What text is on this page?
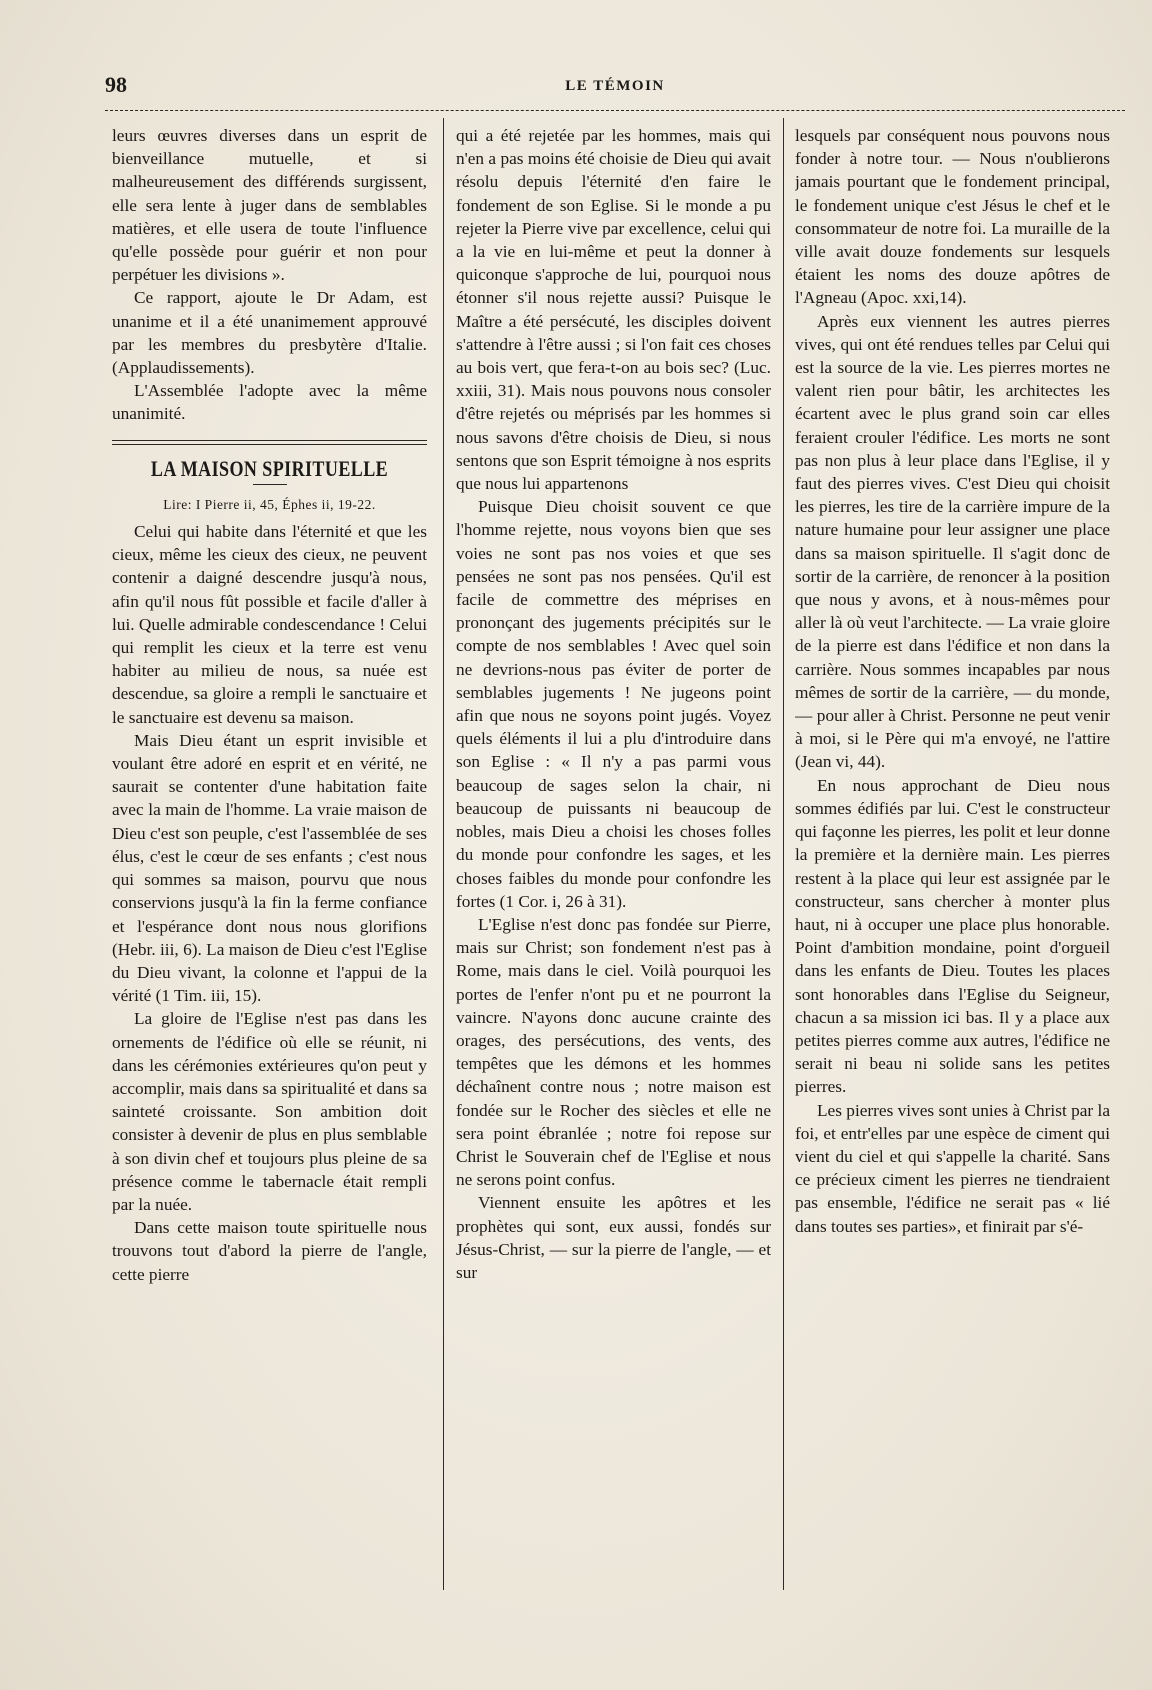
98	LE TÉMOIN

leurs œuvres diverses dans un esprit de bienveillance mutuelle, et si malheureusement des différends surgissent, elle sera lente à juger dans de semblables matières, et elle usera de toute l'influence qu'elle possède pour guérir et non pour perpétuer les divisions ».

Ce rapport, ajoute le Dr Adam, est unanime et il a été unanimement approuvé par les membres du presbytère d'Italie. (Applaudissements).

L'Assemblée l'adopte avec la même unanimité.

LA MAISON SPIRITUELLE
Lire: I Pierre ii, 45, Éphes ii, 19-22.

Celui qui habite dans l'éternité et que les cieux, même les cieux des cieux, ne peuvent contenir a daigné descendre jusqu'à nous, afin qu'il nous fût possible et facile d'aller à lui. Quelle admirable condescendance ! Celui qui remplit les cieux et la terre est venu habiter au milieu de nous, sa nuée est descendue, sa gloire a rempli le sanctuaire et le sanctuaire est devenu sa maison.

Mais Dieu étant un esprit invisible et voulant être adoré en esprit et en vérité, ne saurait se contenter d'une habitation faite avec la main de l'homme. La vraie maison de Dieu c'est son peuple, c'est l'assemblée de ses élus, c'est le cœur de ses enfants ; c'est nous qui sommes sa maison, pourvu que nous conservions jusqu'à la fin la ferme confiance et l'espérance dont nous nous glorifions (Hebr. iii, 6). La maison de Dieu c'est l'Eglise du Dieu vivant, la colonne et l'appui de la vérité (1 Tim. iii, 15).

La gloire de l'Eglise n'est pas dans les ornements de l'édifice où elle se réunit, ni dans les cérémonies extérieures qu'on peut y accomplir, mais dans sa spiritualité et dans sa sainteté croissante. Son ambition doit consister à devenir de plus en plus semblable à son divin chef et toujours plus pleine de sa présence comme le tabernacle était rempli par la nuée.

Dans cette maison toute spirituelle nous trouvons tout d'abord la pierre de l'angle, cette pierre

qui a été rejetée par les hommes, mais qui n'en a pas moins été choisie de Dieu qui avait résolu depuis l'éternité d'en faire le fondement de son Eglise. Si le monde a pu rejeter la Pierre vive par excellence, celui qui a la vie en lui-même et peut la donner à quiconque s'approche de lui, pourquoi nous étonner s'il nous rejette aussi? Puisque le Maître a été persécuté, les disciples doivent s'attendre à l'être aussi ; si l'on fait ces choses au bois vert, que fera-t-on au bois sec? (Luc. xxiii, 31). Mais nous pouvons nous consoler d'être rejetés ou méprisés par les hommes si nous savons d'être choisis de Dieu, si nous sentons que son Esprit témoigne à nos esprits que nous lui appartenons

Puisque Dieu choisit souvent ce que l'homme rejette, nous voyons bien que ses voies ne sont pas nos voies et que ses pensées ne sont pas nos pensées. Qu'il est facile de commettre des méprises en prononçant des jugements précipités sur le compte de nos semblables ! Avec quel soin ne devrions-nous pas éviter de porter de semblables jugements ! Ne jugeons point afin que nous ne soyons point jugés. Voyez quels éléments il lui a plu d'introduire dans son Eglise : « Il n'y a pas parmi vous beaucoup de sages selon la chair, ni beaucoup de puissants ni beaucoup de nobles, mais Dieu a choisi les choses folles du monde pour confondre les sages, et les choses faibles du monde pour confondre les fortes (1 Cor. i, 26 à 31).

L'Eglise n'est donc pas fondée sur Pierre, mais sur Christ; son fondement n'est pas à Rome, mais dans le ciel. Voilà pourquoi les portes de l'enfer n'ont pu et ne pourront la vaincre. N'ayons donc aucune crainte des orages, des persécutions, des vents, des tempêtes que les démons et les hommes déchaînent contre nous ; notre maison est fondée sur le Rocher des siècles et elle ne sera point ébranlée ; notre foi repose sur Christ le Souverain chef de l'Eglise et nous ne serons point confus.

Viennent ensuite les apôtres et les prophètes qui sont, eux aussi, fondés sur Jésus-Christ, — sur la pierre de l'angle, — et sur

lesquels par conséquent nous pouvons nous fonder à notre tour. — Nous n'oublierons jamais pourtant que le fondement principal, le fondement unique c'est Jésus le chef et le consommateur de notre foi. La muraille de la ville avait douze fondements sur lesquels étaient les noms des douze apôtres de l'Agneau (Apoc. xxi,14).

Après eux viennent les autres pierres vives, qui ont été rendues telles par Celui qui est la source de la vie. Les pierres mortes ne valent rien pour bâtir, les architectes les écartent avec le plus grand soin car elles feraient crouler l'édifice. Les morts ne sont pas non plus à leur place dans l'Eglise, il y faut des pierres vives. C'est Dieu qui choisit les pierres, les tire de la carrière impure de la nature humaine pour leur assigner une place dans sa maison spirituelle. Il s'agit donc de sortir de la carrière, de renoncer à la position que nous y avons, et à nous-mêmes pour aller là où veut l'architecte. — La vraie gloire de la pierre est dans l'édifice et non dans la carrière. Nous sommes incapables par nous mêmes de sortir de la carrière, — du monde, — pour aller à Christ. Personne ne peut venir à moi, si le Père qui m'a envoyé, ne l'attire (Jean vi, 44).

En nous approchant de Dieu nous sommes édifiés par lui. C'est le constructeur qui façonne les pierres, les polit et leur donne la première et la dernière main. Les pierres restent à la place qui leur est assignée par le constructeur, sans chercher à monter plus haut, ni à occuper une place plus honorable. Point d'ambition mondaine, point d'orgueil dans les enfants de Dieu. Toutes les places sont honorables dans l'Eglise du Seigneur, chacun a sa mission ici bas. Il y a place aux petites pierres comme aux autres, l'édifice ne serait ni beau ni solide sans les petites pierres.

Les pierres vives sont unies à Christ par la foi, et entr'elles par une espèce de ciment qui vient du ciel et qui s'appelle la charité. Sans ce précieux ciment les pierres ne tiendraient pas ensemble, l'édifice ne serait pas « lié dans toutes ses parties», et finirait par s'é-
